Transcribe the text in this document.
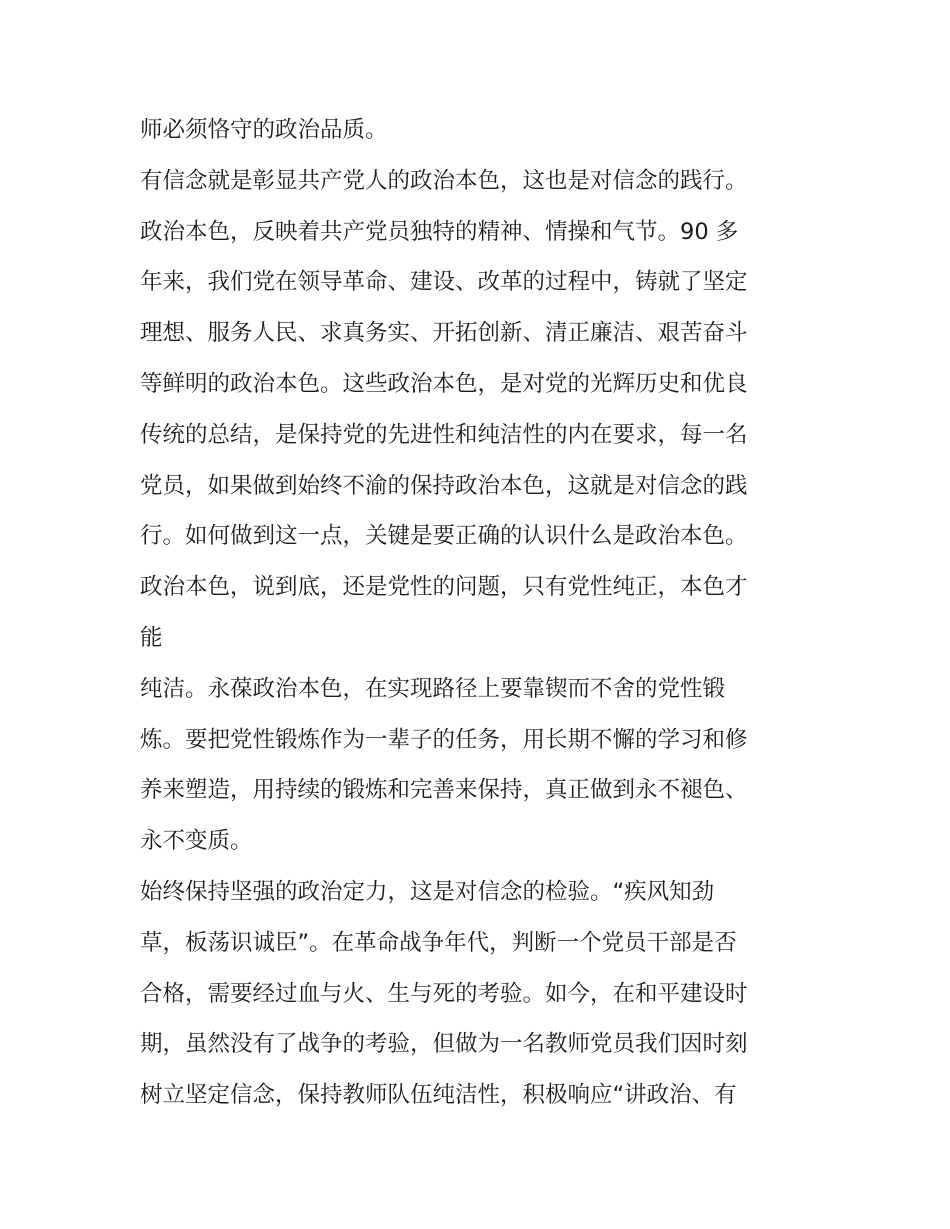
师必须恪守的政治品质。
有信念就是彰显共产党人的政治本色，这也是对信念的践行。
政治本色，反映着共产党员独特的精神、情操和气节。90 多
年来，我们党在领导革命、建设、改革的过程中，铸就了坚定
理想、服务人民、求真务实、开拓创新、清正廉洁、艰苦奋斗
等鲜明的政治本色。这些政治本色，是对党的光辉历史和优良
传统的总结，是保持党的先进性和纯洁性的内在要求，每一名
党员，如果做到始终不渝的保持政治本色，这就是对信念的践
行。如何做到这一点，关键是要正确的认识什么是政治本色。
政治本色，说到底，还是党性的问题，只有党性纯正，本色才
能
纯洁。永葆政治本色，在实现路径上要靠锲而不舍的党性锻
炼。要把党性锻炼作为一辈子的任务，用长期不懈的学习和修
养来塑造，用持续的锻炼和完善来保持，真正做到永不褪色、
永不变质。
始终保持坚强的政治定力，这是对信念的检验。“疾风知劲
草，板荡识诚臣”。在革命战争年代，判断一个党员干部是否
合格，需要经过血与火、生与死的考验。如今，在和平建设时
期，虽然没有了战争的考验，但做为一名教师党员我们因时刻
树立坚定信念，保持教师队伍纯洁性，积极响应“讲政治、有
